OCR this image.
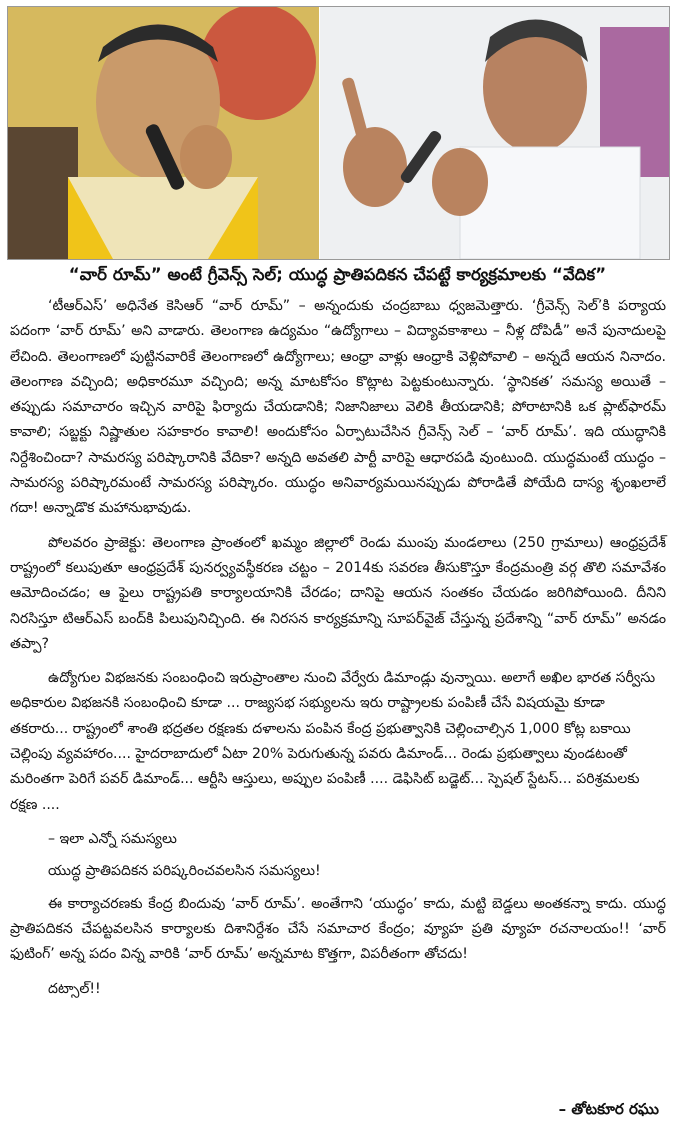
“వార్ రూమ్” అంటే గ్రీవెన్స్ సెల్; యుద్ధ ప్రాతిపదికన చేపట్టే కార్యక్రమాలకు “వేదిక”

‘టీఆర్ఎస్’ అధినేత కెసిఆర్ “వార్ రూమ్” – అన్నందుకు చంద్రబాబు ధ్వజమెత్తారు. ‘గ్రీవెన్స్ సెల్’కి పర్యాయ పదంగా ‘వార్ రూమ్’ అని వాడారు. తెలంగాణ ఉద్యమం “ఉద్యోగాలు – విద్యావకాశాలు – నీళ్ల దోపిడీ” అనే పునాదులపై లేచింది. తెలంగాణలో పుట్టినవారికే తెలంగాణలో ఉద్యోగాలు; ఆంధ్రా వాళ్లు ఆంధ్రాకి వెళ్లిపోవాలి – అన్నదే ఆయన నినాదం. తెలంగాణ వచ్చింది; అధికారమూ వచ్చింది; అన్న మాటకోసం కొట్లాట పెట్టకుంటున్నారు. ‘స్థానికత’ సమస్య అయితే – తప్పుడు సమాచారం ఇచ్చిన వారిపై ఫిర్యాదు చేయడానికి; నిజానిజాలు వెలికి తీయడానికి; పోరాటానికి ఒక ప్లాట్‌ఫారమ్ కావాలి; సబ్జక్టు నిష్ణాతుల సహకారం కావాలి! అందుకోసం ఏర్పాటుచేసిన గ్రీవెన్స్ సెల్ – ‘వార్ రూమ్’. ఇది యుద్ధానికి నిర్దేశించిందా? సామరస్య పరిష్కారానికి వేదికా? అన్నది అవతలి పార్టీ వారిపై ఆధారపడి వుంటుంది. యుద్ధమంటే యుద్ధం – సామరస్య పరిష్కారమంటే సామరస్య పరిష్కారం. యుద్ధం అనివార్యమయినప్పుడు పోరాడితే పోయేది దాస్య శృంఖలాలే గదా! అన్నాడొక మహానుభావుడు.

పోలవరం ప్రాజెక్టు: తెలంగాణ ప్రాంతంలో ఖమ్మం జిల్లాలో రెండు ముంపు మండలాలు (250 గ్రామాలు) ఆంధ్రప్రదేశ్ రాష్ట్రంలో కలుపుతూ ఆంధ్రప్రదేశ్ పునర్వ్యవస్థీకరణ చట్టం – 2014కు సవరణ తీసుకొస్తూ కేంద్రమంత్రి వర్గ తొలి సమావేశం ఆమోదించడం; ఆ ఫైలు రాష్ట్రపతి కార్యాలయానికి చేరడం; దానిపై ఆయన సంతకం చేయడం జరిగిపోయింది. దీనిని నిరసిస్తూ టిఆర్ఎస్ బంద్‌కి పిలుపునిచ్చింది. ఈ నిరసన కార్యక్రమాన్ని సూపర్‌వైజ్ చేస్తున్న ప్రదేశాన్ని “వార్ రూమ్” అనడం తప్పా?

ఉద్యోగుల విభజనకు సంబంధించి ఇరుప్రాంతాల నుంచి వేర్వేరు డిమాండ్లు వున్నాయి. అలాగే అఖిల భారత సర్వీసు అధికారుల విభజనకి సంబంధించి కూడా ... రాజ్యసభ సభ్యులను ఇరు రాష్ట్రాలకు పంపిణీ చేసే విషయమై కూడా తకరారు... రాష్ట్రంలో శాంతి భద్రతల రక్షణకు దళాలను పంపిన కేంద్ర ప్రభుత్వానికి చెల్లించాల్సిన 1,000 కోట్ల బకాయి చెల్లింపు వ్యవహారం.... హైదరాబాదులో ఏటా 20% పెరుగుతున్న పవరు డిమాండ్... రెండు ప్రభుత్వాలు వుండటంతో మరింతగా పెరిగే పవర్ డిమాండ్... ఆర్టీసి ఆస్తులు, అప్పుల పంపిణీ .... డెఫిసిట్ బడ్జెట్... స్పెషల్ స్టేటస్... పరిశ్రమలకు రక్షణ ....

– ఇలా ఎన్నో సమస్యలు

యుద్ధ ప్రాతిపదికన పరిష్కరించవలసిన సమస్యలు!

ఈ కార్యాచరణకు కేంద్ర బిందువు ‘వార్ రూమ్’. అంతేగాని ‘యుద్ధం’ కాదు, మట్టి బెడ్డలు అంతకన్నా కాదు. యుద్ధ ప్రాతిపదికన చేపట్టవలసిన కార్యాలకు దిశానిర్దేశం చేసే సమాచార కేంద్రం; వ్యూహ ప్రతి వ్యూహ రచనాలయం!! ‘వార్ ఫుటింగ్’ అన్న పదం విన్న వారికి ‘వార్ రూమ్’ అన్నమాట కొత్తగా, విపరీతంగా తోచదు!

దట్సాల్!!

– తోటకూర రఘు
